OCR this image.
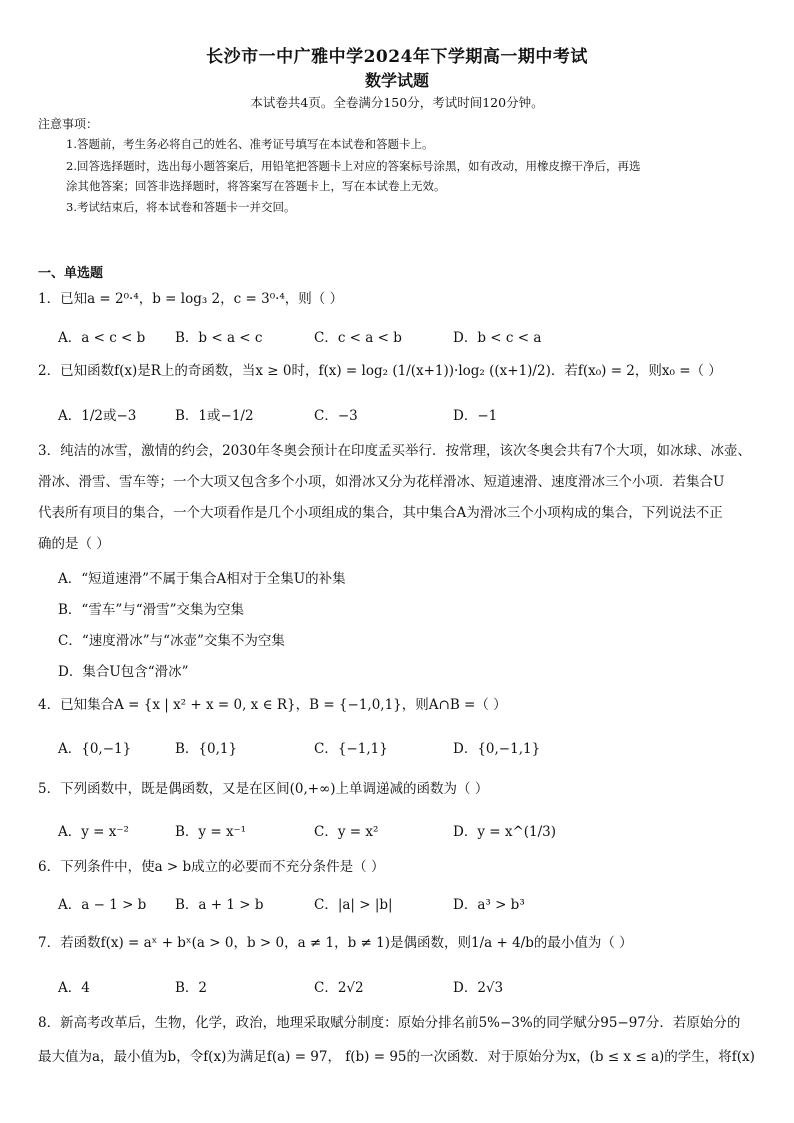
长沙市一中广雅中学2024年下学期高一期中考试
数学试题
本试卷共4页。全卷满分150分，考试时间120分钟。
注意事项：
1.答题前，考生务必将自己的姓名、准考证号填写在本试卷和答题卡上。
2.回答选择题时，选出每小题答案后，用铅笔把答题卡上对应的答案标号涂黑，如有改动，用橡皮擦干净后，再选
涂其他答案；回答非选择题时，将答案写在答题卡上，写在本试卷上无效。
3.考试结束后，将本试卷和答题卡一并交回。
一、单选题
1．已知a = 2⁰·⁴，b = log₃ 2，c = 3⁰·⁴，则（ ）
A．a < c < b B．b < a < c	C．c < a < b	D．b < c < a
2．已知函数f(x)是R上的奇函数，当x ≥ 0时，f(x) = log₂ (1/(x+1))·log₂ ((x+1)/2)．若f(x₀) = 2，则x₀ =（ ）
A．1/2或−3	B．1或−1/2	C．−3	D．−1
3．纯洁的冰雪，激情的约会，2030年冬奥会预计在印度孟买举行．按常理，该次冬奥会共有7个大项，如冰球、冰壶、
滑冰、滑雪、雪车等；一个大项又包含多个小项，如滑冰又分为花样滑冰、短道速滑、速度滑冰三个小项．若集合U
代表所有项目的集合，一个大项看作是几个小项组成的集合，其中集合A为滑冰三个小项构成的集合，下列说法不正
确的是（ ）
A．“短道速滑”不属于集合A相对于全集U的补集
B．“雪车”与“滑雪”交集为空集
C．“速度滑冰”与“冰壶”交集不为空集
D．集合U包含“滑冰”
4．已知集合A = {x | x² + x = 0, x ∈ R}，B = {−1,0,1}，则A∩B =（ ）
A．{0,−1}	B．{0,1}	C．{−1,1}	D．{0,−1,1}
5．下列函数中，既是偶函数，又是在区间(0,+∞)上单调递减的函数为（ ）
A．y = x⁻²	B．y = x⁻¹	C．y = x²	D．y = x^(1/3)
6．下列条件中，使a > b成立的必要而不充分条件是（ ）
A．a − 1 > b B．a + 1 > b	C．|a| > |b|	D．a³ > b³
7．若函数f(x) = aˣ + bˣ(a > 0，b > 0，a ≠ 1，b ≠ 1)是偶函数，则1/a + 4/b的最小值为（ ）
A．4	B．2	C．2√2	D．2√3
8．新高考改革后，生物，化学，政治，地理采取赋分制度：原始分排名前5%−3%的同学赋分95−97分．若原始分的
最大值为a，最小值为b，令f(x)为满足f(a) = 97， f(b) = 95的一次函数．对于原始分为x，(b ≤ x ≤ a)的学生，将f(x)
